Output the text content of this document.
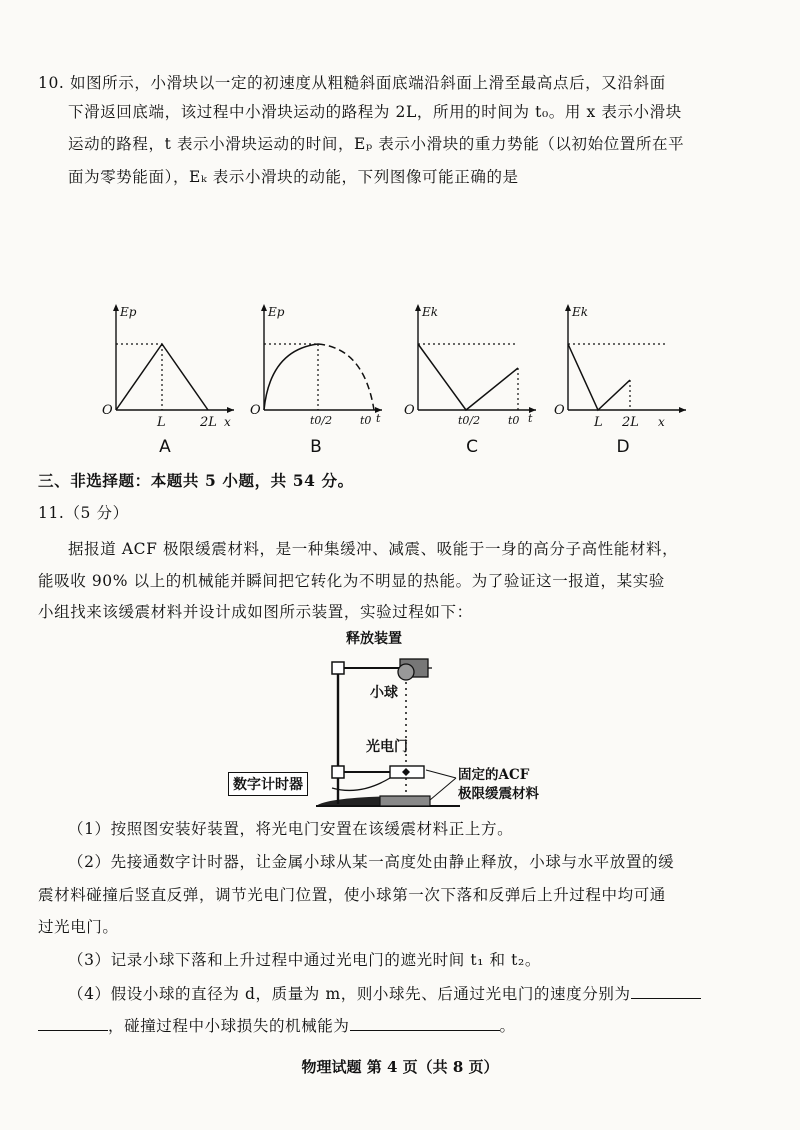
10. 如图所示，小滑块以一定的初速度从粗糙斜面底端沿斜面上滑至最高点后，又沿斜面
下滑返回底端，该过程中小滑块运动的路程为 2L，所用的时间为 t₀。用 x 表示小滑块
运动的路程，t 表示小滑块运动的时间，Eₚ 表示小滑块的重力势能（以初始位置所在平
面为零势能面），Eₖ 表示小滑块的动能，下列图像可能正确的是
Ep
O
L	2L x
A
Ep
O
t0/2	t0 t
B
Ek
O
t0/2	t0 t
C
Ek
O
L 2L x
D
三、非选择题：本题共 5 小题，共 54 分。
11.（5 分）
据报道 ACF 极限缓震材料，是一种集缓冲、减震、吸能于一身的高分子高性能材料，
能吸收 90% 以上的机械能并瞬间把它转化为不明显的热能。为了验证这一报道，某实验
小组找来该缓震材料并设计成如图所示装置，实验过程如下：
释放装置
小球
光电门
数字计时器
固定的ACF
极限缓震材料
（1）按照图安装好装置，将光电门安置在该缓震材料正上方。
（2）先接通数字计时器，让金属小球从某一高度处由静止释放，小球与水平放置的缓
震材料碰撞后竖直反弹，调节光电门位置，使小球第一次下落和反弹后上升过程中均可通
过光电门。
（3）记录小球下落和上升过程中通过光电门的遮光时间 t₁ 和 t₂。
（4）假设小球的直径为 d，质量为 m，则小球先、后通过光电门的速度分别为
，碰撞过程中小球损失的机械能为	。
物理试题 第 4 页（共 8 页）
